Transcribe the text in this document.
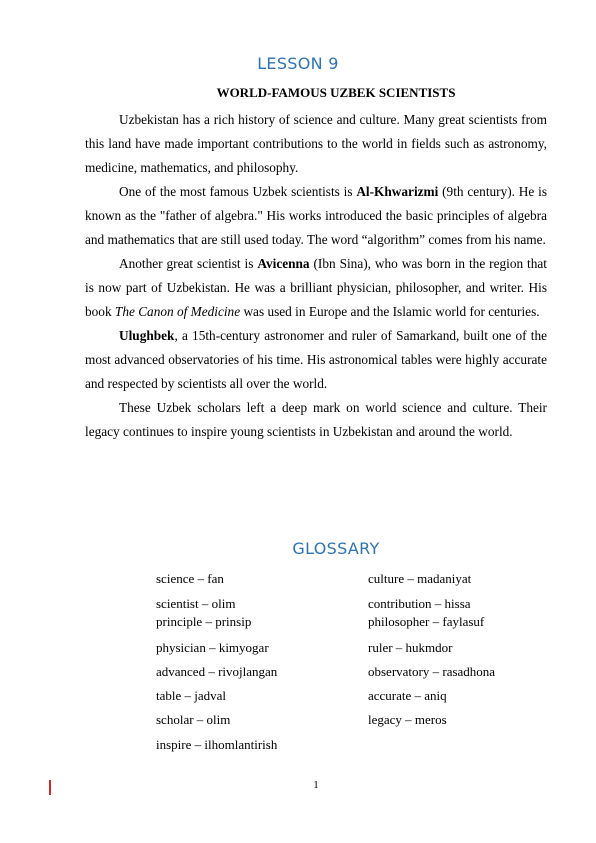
LESSON 9
WORLD-FAMOUS UZBEK SCIENTISTS

Uzbekistan has a rich history of science and culture. Many great scientists from this land have made important contributions to the world in fields such as astronomy, medicine, mathematics, and philosophy.

One of the most famous Uzbek scientists is Al-Khwarizmi (9th century). He is known as the "father of algebra." His works introduced the basic principles of algebra and mathematics that are still used today. The word “algorithm” comes from his name.

Another great scientist is Avicenna (Ibn Sina), who was born in the region that is now part of Uzbekistan. He was a brilliant physician, philosopher, and writer. His book The Canon of Medicine was used in Europe and the Islamic world for centuries.

Ulughbek, a 15th-century astronomer and ruler of Samarkand, built one of the most advanced observatories of his time. His astronomical tables were highly accurate and respected by scientists all over the world.

These Uzbek scholars left a deep mark on world science and culture. Their legacy continues to inspire young scientists in Uzbekistan and around the world.

GLOSSARY
science – fan	culture – madaniyat
scientist – olim	contribution – hissa
principle – prinsip	philosopher – faylasuf
physician – kimyogar	ruler – hukmdor
advanced – rivojlangan	observatory – rasadhona
table – jadval	accurate – aniq
scholar – olim	legacy – meros
inspire – ilhomlantirish
1
